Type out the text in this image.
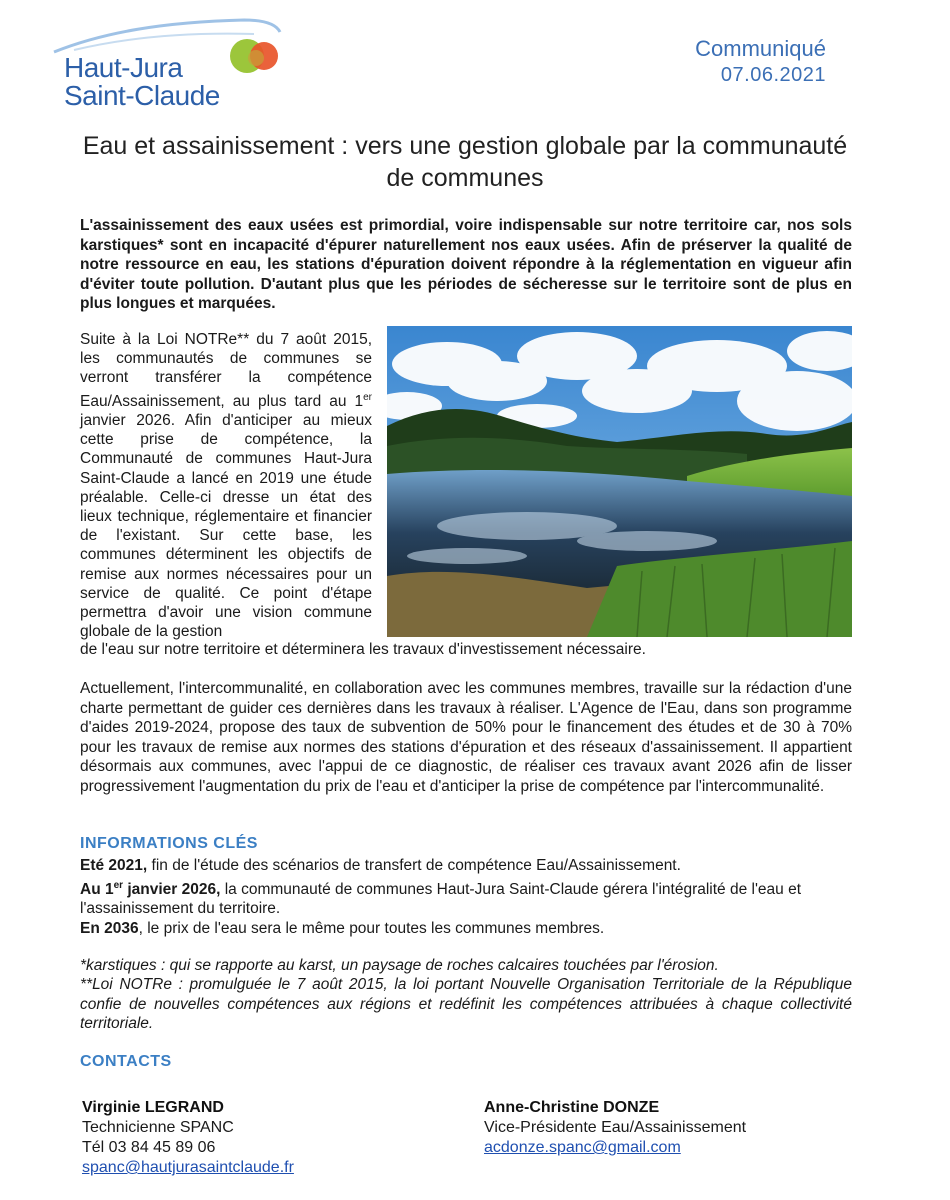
Haut-Jura
Saint-Claude
Communiqué
07.06.2021
Eau et assainissement : vers une gestion globale par la communauté de communes
L'assainissement des eaux usées est primordial, voire indispensable sur notre territoire car, nos sols karstiques* sont en incapacité d'épurer naturellement nos eaux usées. Afin de préserver la qualité de notre ressource en eau, les stations d'épuration doivent répondre à la réglementation en vigueur afin d'éviter toute pollution. D'autant plus que les périodes de sécheresse sur le territoire sont de plus en plus longues et marquées.
Suite à la Loi NOTRe** du 7 août 2015, les communautés de communes se verront transférer la compétence Eau/Assainissement, au plus tard au 1er janvier 2026. Afin d'anticiper au mieux cette prise de compétence, la Communauté de communes Haut-Jura Saint-Claude a lancé en 2019 une étude préalable. Celle-ci dresse un état des lieux technique, réglementaire et financier de l'existant. Sur cette base, les communes déterminent les objectifs de remise aux normes nécessaires pour un service de qualité. Ce point d'étape permettra d'avoir une vision commune globale de la gestion
de l'eau sur notre territoire et déterminera les travaux d'investissement nécessaire.
Actuellement, l'intercommunalité, en collaboration avec les communes membres, travaille sur la rédaction d'une charte permettant de guider ces dernières dans les travaux à réaliser. L'Agence de l'Eau, dans son programme d'aides 2019-2024, propose des taux de subvention de 50% pour le financement des études et de 30 à 70% pour les travaux de remise aux normes des stations d'épuration et des réseaux d'assainissement. Il appartient désormais aux communes, avec l'appui de ce diagnostic, de réaliser ces travaux avant 2026 afin de lisser progressivement l'augmentation du prix de l'eau et d'anticiper la prise de compétence par l'intercommunalité.
INFORMATIONS CLÉS

Eté 2021, fin de l'étude des scénarios de transfert de compétence Eau/Assainissement.

Au 1er janvier 2026, la communauté de communes Haut-Jura Saint-Claude gérera l'intégralité de l'eau et l'assainissement du territoire.

En 2036, le prix de l'eau sera le même pour toutes les communes membres.

*karstiques : qui se rapporte au karst, un paysage de roches calcaires touchées par l'érosion.

**Loi NOTRe : promulguée le 7 août 2015, la loi portant Nouvelle Organisation Territoriale de la République confie de nouvelles compétences aux régions et redéfinit les compétences attribuées à chaque collectivité territoriale.

CONTACTS
Virginie LEGRAND
Technicienne SPANC
Tél 03 84 45 89 06
spanc@hautjurasaintclaude.fr
Anne-Christine DONZE
Vice-Présidente Eau/Assainissement
acdonze.spanc@gmail.com
